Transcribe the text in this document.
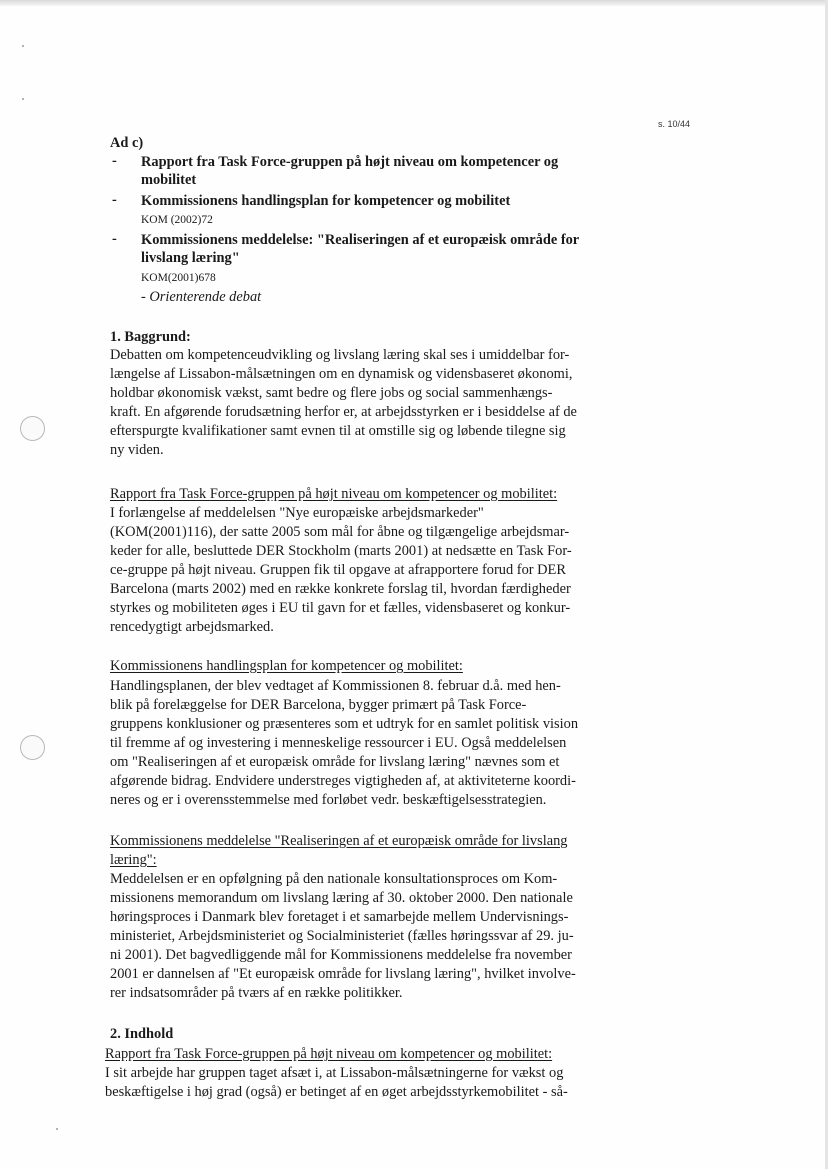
s. 10/44
Ad c)
- Rapport fra Task Force-gruppen på højt niveau om kompetencer og
mobilitet
- Kommissionens handlingsplan for kompetencer og mobilitet
KOM (2002)72
- Kommissionens meddelelse: "Realiseringen af et europæisk område for
livslang læring"
KOM(2001)678
- Orienterende debat
1. Baggrund:
Debatten om kompetenceudvikling og livslang læring skal ses i umiddelbar for-
længelse af Lissabon-målsætningen om en dynamisk og vidensbaseret økonomi,
holdbar økonomisk vækst, samt bedre og flere jobs og social sammenhængs-
kraft. En afgørende forudsætning herfor er, at arbejdsstyrken er i besiddelse af de
efterspurgte kvalifikationer samt evnen til at omstille sig og løbende tilegne sig
ny viden.
Rapport fra Task Force-gruppen på højt niveau om kompetencer og mobilitet:
I forlængelse af meddelelsen "Nye europæiske arbejdsmarkeder"
(KOM(2001)116), der satte 2005 som mål for åbne og tilgængelige arbejdsmar-
keder for alle, besluttede DER Stockholm (marts 2001) at nedsætte en Task For-
ce-gruppe på højt niveau. Gruppen fik til opgave at afrapportere forud for DER
Barcelona (marts 2002) med en række konkrete forslag til, hvordan færdigheder
styrkes og mobiliteten øges i EU til gavn for et fælles, vidensbaseret og konkur-
rencedygtigt arbejdsmarked.
Kommissionens handlingsplan for kompetencer og mobilitet:
Handlingsplanen, der blev vedtaget af Kommissionen 8. februar d.å. med hen-
blik på forelæggelse for DER Barcelona, bygger primært på Task Force-
gruppens konklusioner og præsenteres som et udtryk for en samlet politisk vision
til fremme af og investering i menneskelige ressourcer i EU. Også meddelelsen
om "Realiseringen af et europæisk område for livslang læring" nævnes som et
afgørende bidrag. Endvidere understreges vigtigheden af, at aktiviteterne koordi-
neres og er i overensstemmelse med forløbet vedr. beskæftigelsesstrategien.
Kommissionens meddelelse "Realiseringen af et europæisk område for livslang
læring":
Meddelelsen er en opfølgning på den nationale konsultationsproces om Kom-
missionens memorandum om livslang læring af 30. oktober 2000. Den nationale
høringsproces i Danmark blev foretaget i et samarbejde mellem Undervisnings-
ministeriet, Arbejdsministeriet og Socialministeriet (fælles høringssvar af 29. ju-
ni 2001). Det bagvedliggende mål for Kommissionens meddelelse fra november
2001 er dannelsen af "Et europæisk område for livslang læring", hvilket involve-
rer indsatsområder på tværs af en række politikker.
2. Indhold
Rapport fra Task Force-gruppen på højt niveau om kompetencer og mobilitet:
I sit arbejde har gruppen taget afsæt i, at Lissabon-målsætningerne for vækst og
beskæftigelse i høj grad (også) er betinget af en øget arbejdsstyrkemobilitet - så-
